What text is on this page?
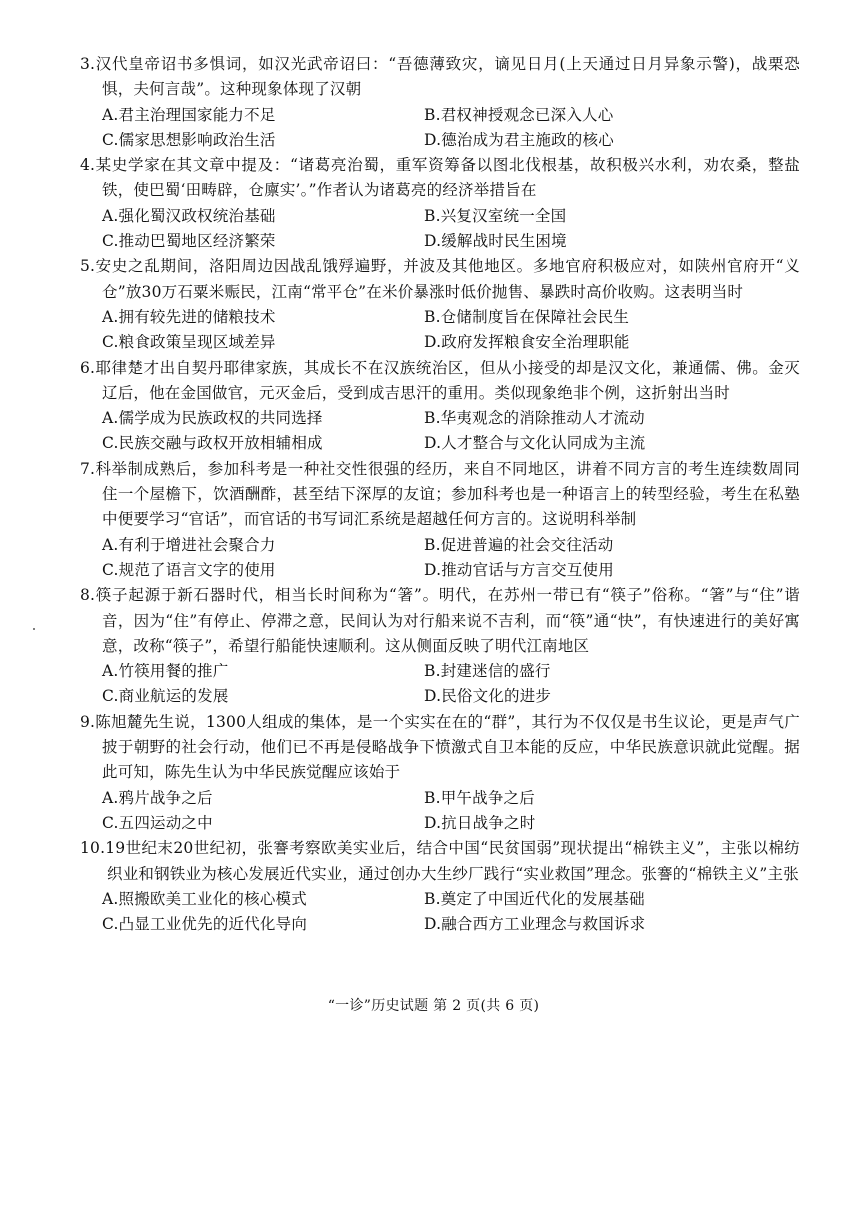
3.汉代皇帝诏书多惧词，如汉光武帝诏曰：“吾德薄致灾，谪见日月(上天通过日月异象示警)，战栗恐惧，夫何言哉”。这种现象体现了汉朝

A.君主治理国家能力不足	B.君权神授观念已深入人心
C.儒家思想影响政治生活	D.德治成为君主施政的核心

4.某史学家在其文章中提及：“诸葛亮治蜀，重军资筹备以图北伐根基，故积极兴水利，劝农桑，整盐铁，使巴蜀‘田畴辟，仓廪实’。”作者认为诸葛亮的经济举措旨在

A.强化蜀汉政权统治基础	B.兴复汉室统一全国
C.推动巴蜀地区经济繁荣	D.缓解战时民生困境

5.安史之乱期间，洛阳周边因战乱饿殍遍野，并波及其他地区。多地官府积极应对，如陕州官府开“义仓”放30万石粟米赈民，江南“常平仓”在米价暴涨时低价抛售、暴跌时高价收购。这表明当时

A.拥有较先进的储粮技术	B.仓储制度旨在保障社会民生
C.粮食政策呈现区域差异	D.政府发挥粮食安全治理职能

6.耶律楚才出自契丹耶律家族，其成长不在汉族统治区，但从小接受的却是汉文化，兼通儒、佛。金灭辽后，他在金国做官，元灭金后，受到成吉思汗的重用。类似现象绝非个例，这折射出当时

A.儒学成为民族政权的共同选择	B.华夷观念的消除推动人才流动
C.民族交融与政权开放相辅相成	D.人才整合与文化认同成为主流

7.科举制成熟后，参加科考是一种社交性很强的经历，来自不同地区，讲着不同方言的考生连续数周同住一个屋檐下，饮酒酬酢，甚至结下深厚的友谊；参加科考也是一种语言上的转型经验，考生在私塾中便要学习“官话”，而官话的书写词汇系统是超越任何方言的。这说明科举制

A.有利于增进社会聚合力	B.促进普遍的社会交往活动
C.规范了语言文字的使用	D.推动官话与方言交互使用

8.筷子起源于新石器时代，相当长时间称为“箸”。明代，在苏州一带已有“筷子”俗称。“箸”与“住”谐音，因为“住”有停止、停滞之意，民间认为对行船来说不吉利，而“筷”通“快”，有快速进行的美好寓意，改称“筷子”，希望行船能快速顺利。这从侧面反映了明代江南地区

A.竹筷用餐的推广	B.封建迷信的盛行
C.商业航运的发展	D.民俗文化的进步

9.陈旭麓先生说，1300人组成的集体，是一个实实在在的“群”，其行为不仅仅是书生议论，更是声气广披于朝野的社会行动，他们已不再是侵略战争下愤激式自卫本能的反应，中华民族意识就此觉醒。据此可知，陈先生认为中华民族觉醒应该始于

A.鸦片战争之后	B.甲午战争之后
C.五四运动之中	D.抗日战争之时

10.19世纪末20世纪初，张謇考察欧美实业后，结合中国“民贫国弱”现状提出“棉铁主义”，主张以棉纺织业和钢铁业为核心发展近代实业，通过创办大生纱厂践行“实业救国”理念。张謇的“棉铁主义”主张

A.照搬欧美工业化的核心模式	B.奠定了中国近代化的发展基础
C.凸显工业优先的近代化导向	D.融合西方工业理念与救国诉求
“一诊”历史试题 第 2 页(共 6 页)
